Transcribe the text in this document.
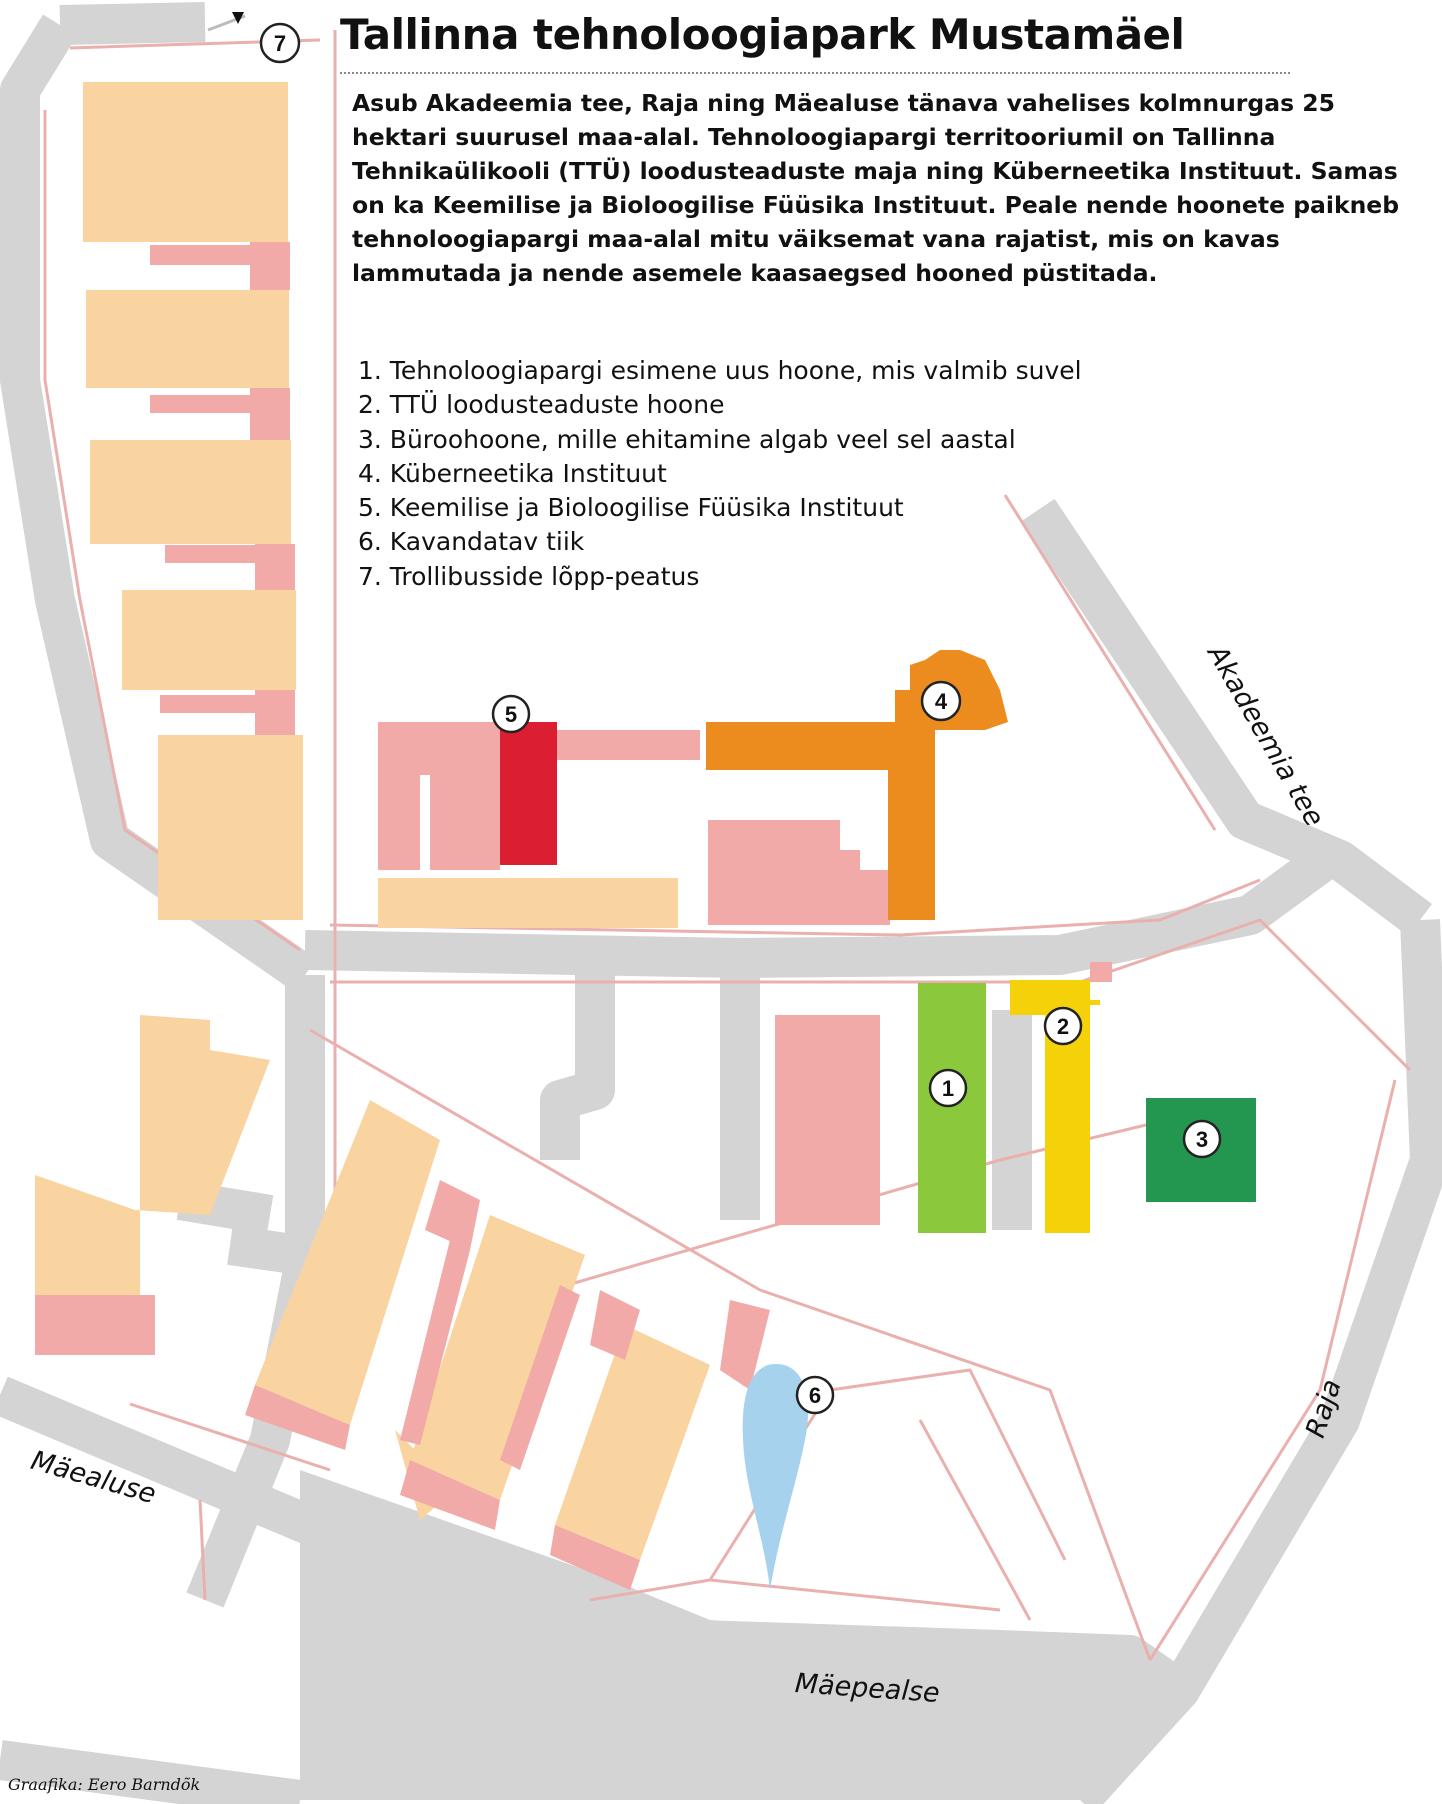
7
5
4
2
1
3
6
Tallinna tehnoloogiapark Mustamäel
Asub Akadeemia tee, Raja ning Mäealuse tänava vahelises kolmnurgas 25 hektari suurusel maa-alal. Tehnoloogiapargi territooriumil on Tallinna Tehnikaülikooli (TTÜ) loodusteaduste maja ning Küberneetika Instituut. Samas on ka Keemilise ja Bioloogilise Füüsika Instituut. Peale nende hoonete paikneb tehnoloogiapargi maa-alal mitu väiksemat vana rajatist, mis on kavas lammutada ja nende asemele kaasaegsed hooned püstitada.
1. Tehnoloogiapargi esimene uus hoone, mis valmib suvel
2. TTÜ loodusteaduste hoone
3. Büroohoone, mille ehitamine algab veel sel aastal
4. Küberneetika Instituut
5. Keemilise ja Bioloogilise Füüsika Instituut
6. Kavandatav tiik
7. Trollibusside lõpp-peatus
Akadeemia tee
Raja
Mäealuse
Mäepealse
Graafika: Eero Barndõk
